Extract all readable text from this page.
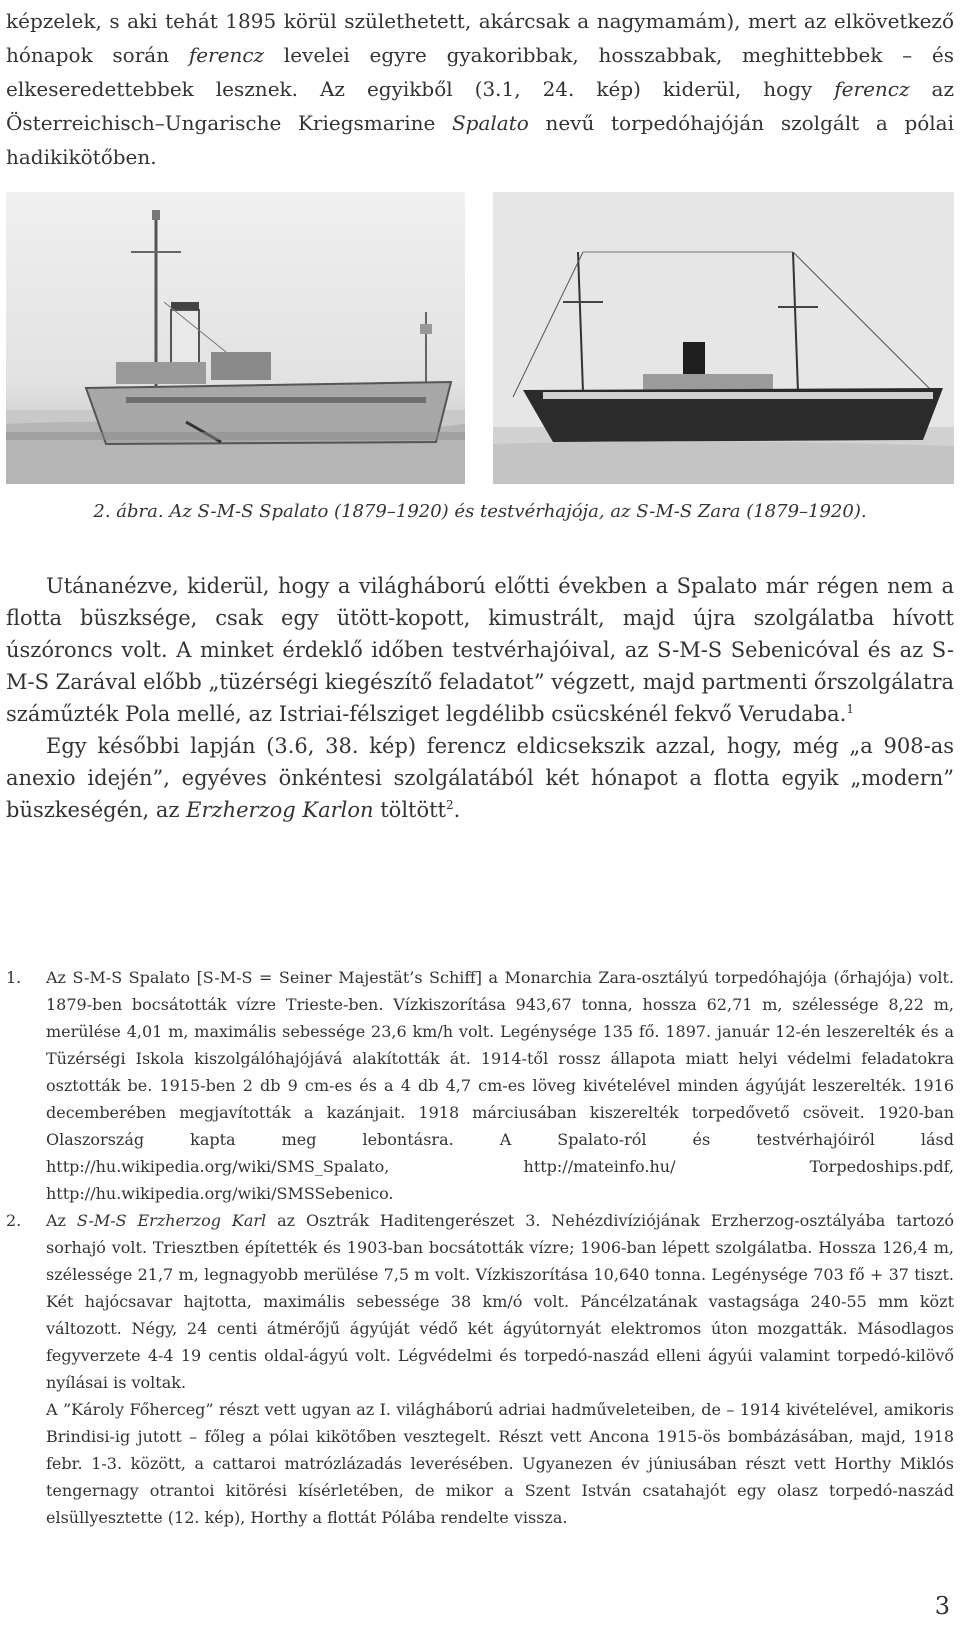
képzelek, s aki tehát 1895 körül születhetett, akárcsak a nagymamám), mert az elkövetkező hónapok során ferencz levelei egyre gyakoribbak, hosszabbak, meghittebbek – és elkeseredettebbek lesznek. Az egyikből (3.1, 24. kép) kiderül, hogy ferencz az Österreichisch–Ungarische Kriegsmarine Spalato nevű torpedóhajóján szolgált a pólai hadikikötőben.

2. ábra. Az S-M-S Spalato (1879–1920) és testvérhajója, az S-M-S Zara (1879–1920).

Utánanézve, kiderül, hogy a világháború előtti években a Spalato már régen nem a flotta büszksége, csak egy ütött-kopott, kimustrált, majd újra szolgálatba hívott úszóroncs volt. A minket érdeklő időben testvérhajóival, az S-M-S Sebenicóval és az S-M-S Zarával előbb „tüzérségi kiegészítő feladatot” végzett, majd partmenti őrszolgálatra száműzték Pola mellé, az Istriai-félsziget legdélibb csücskénél fekvő Verudaba.$^1$

Egy későbbi lapján (3.6, 38. kép) ferencz eldicsekszik azzal, hogy, még „a 908-as anexio idején”, egyéves önkéntesi szolgálatából két hónapot a flotta egyik „modern” büszkeségén, az Erzherzog Karlon töltött$^2$.

1.	Az S-M-S Spalato [S-M-S = Seiner Majestät’s Schiff] a Monarchia Zara-osztályú torpedóhajója (őrhajója) volt. 1879-ben bocsátották vízre Trieste-ben. Vízkiszorítása 943,67 tonna, hossza 62,71 m, szélessége 8,22 m, merülése 4,01 m, maximális sebessége 23,6 km/h volt. Legénysége 135 fő. 1897. január 12-én leszerelték és a Tüzérségi Iskola kiszolgálóhajójává alakították át. 1914-től rossz állapota miatt helyi védelmi feladatokra osztották be. 1915-ben 2 db 9 cm-es és a 4 db 4,7 cm-es löveg kivételével minden ágyúját leszerelték. 1916 decemberében megjavították a kazánjait. 1918 márciusában kiszerelték torpedővető csöveit. 1920-ban Olaszország kapta meg lebontásra. A Spalato-ról és testvérhajóiról lásd http://hu.wikipedia.org/wiki/SMS_Spalato, http://mateinfo.hu/ Torpedoships.pdf, http://hu.wikipedia.org/wiki/SMSSebenico.
2.	Az S-M-S Erzherzog Karl az Osztrák Haditengerészet 3. Nehézdivíziójának Erzherzog-osztályába tartozó sorhajó volt. Triesztben építették és 1903-ban bocsátották vízre; 1906-ban lépett szolgálatba. Hossza 126,4 m, szélessége 21,7 m, legnagyobb merülése 7,5 m volt. Vízkiszorítása 10,640 tonna. Legénysége 703 fő + 37 tiszt. Két hajócsavar hajtotta, maximális sebessége 38 km/ó volt. Páncélzatának vastagsága 240-55 mm közt változott. Négy, 24 centi átmérőjű ágyúját védő két ágyútornyát elektromos úton mozgatták. Másodlagos fegyverzete 4-4 19 centis oldal-ágyú volt. Légvédelmi és torpedó-naszád elleni ágyúi valamint torpedó-kilövő nyílásai is voltak.
A ”Károly Főherceg” részt vett ugyan az I. világháború adriai hadműveleteiben, de – 1914 kivételével, amikoris Brindisi-ig jutott – főleg a pólai kikötőben vesztegelt. Részt vett Ancona 1915-ös bombázásában, majd, 1918 febr. 1-3. között, a cattaroi matrózlázadás leverésében. Ugyanezen év júniusában részt vett Horthy Miklós tengernagy otrantoi kitörési kísérletében, de mikor a Szent István csatahajót egy olasz torpedó-naszád elsüllyesztette (12. kép), Horthy a flottát Pólába rendelte vissza.
3
